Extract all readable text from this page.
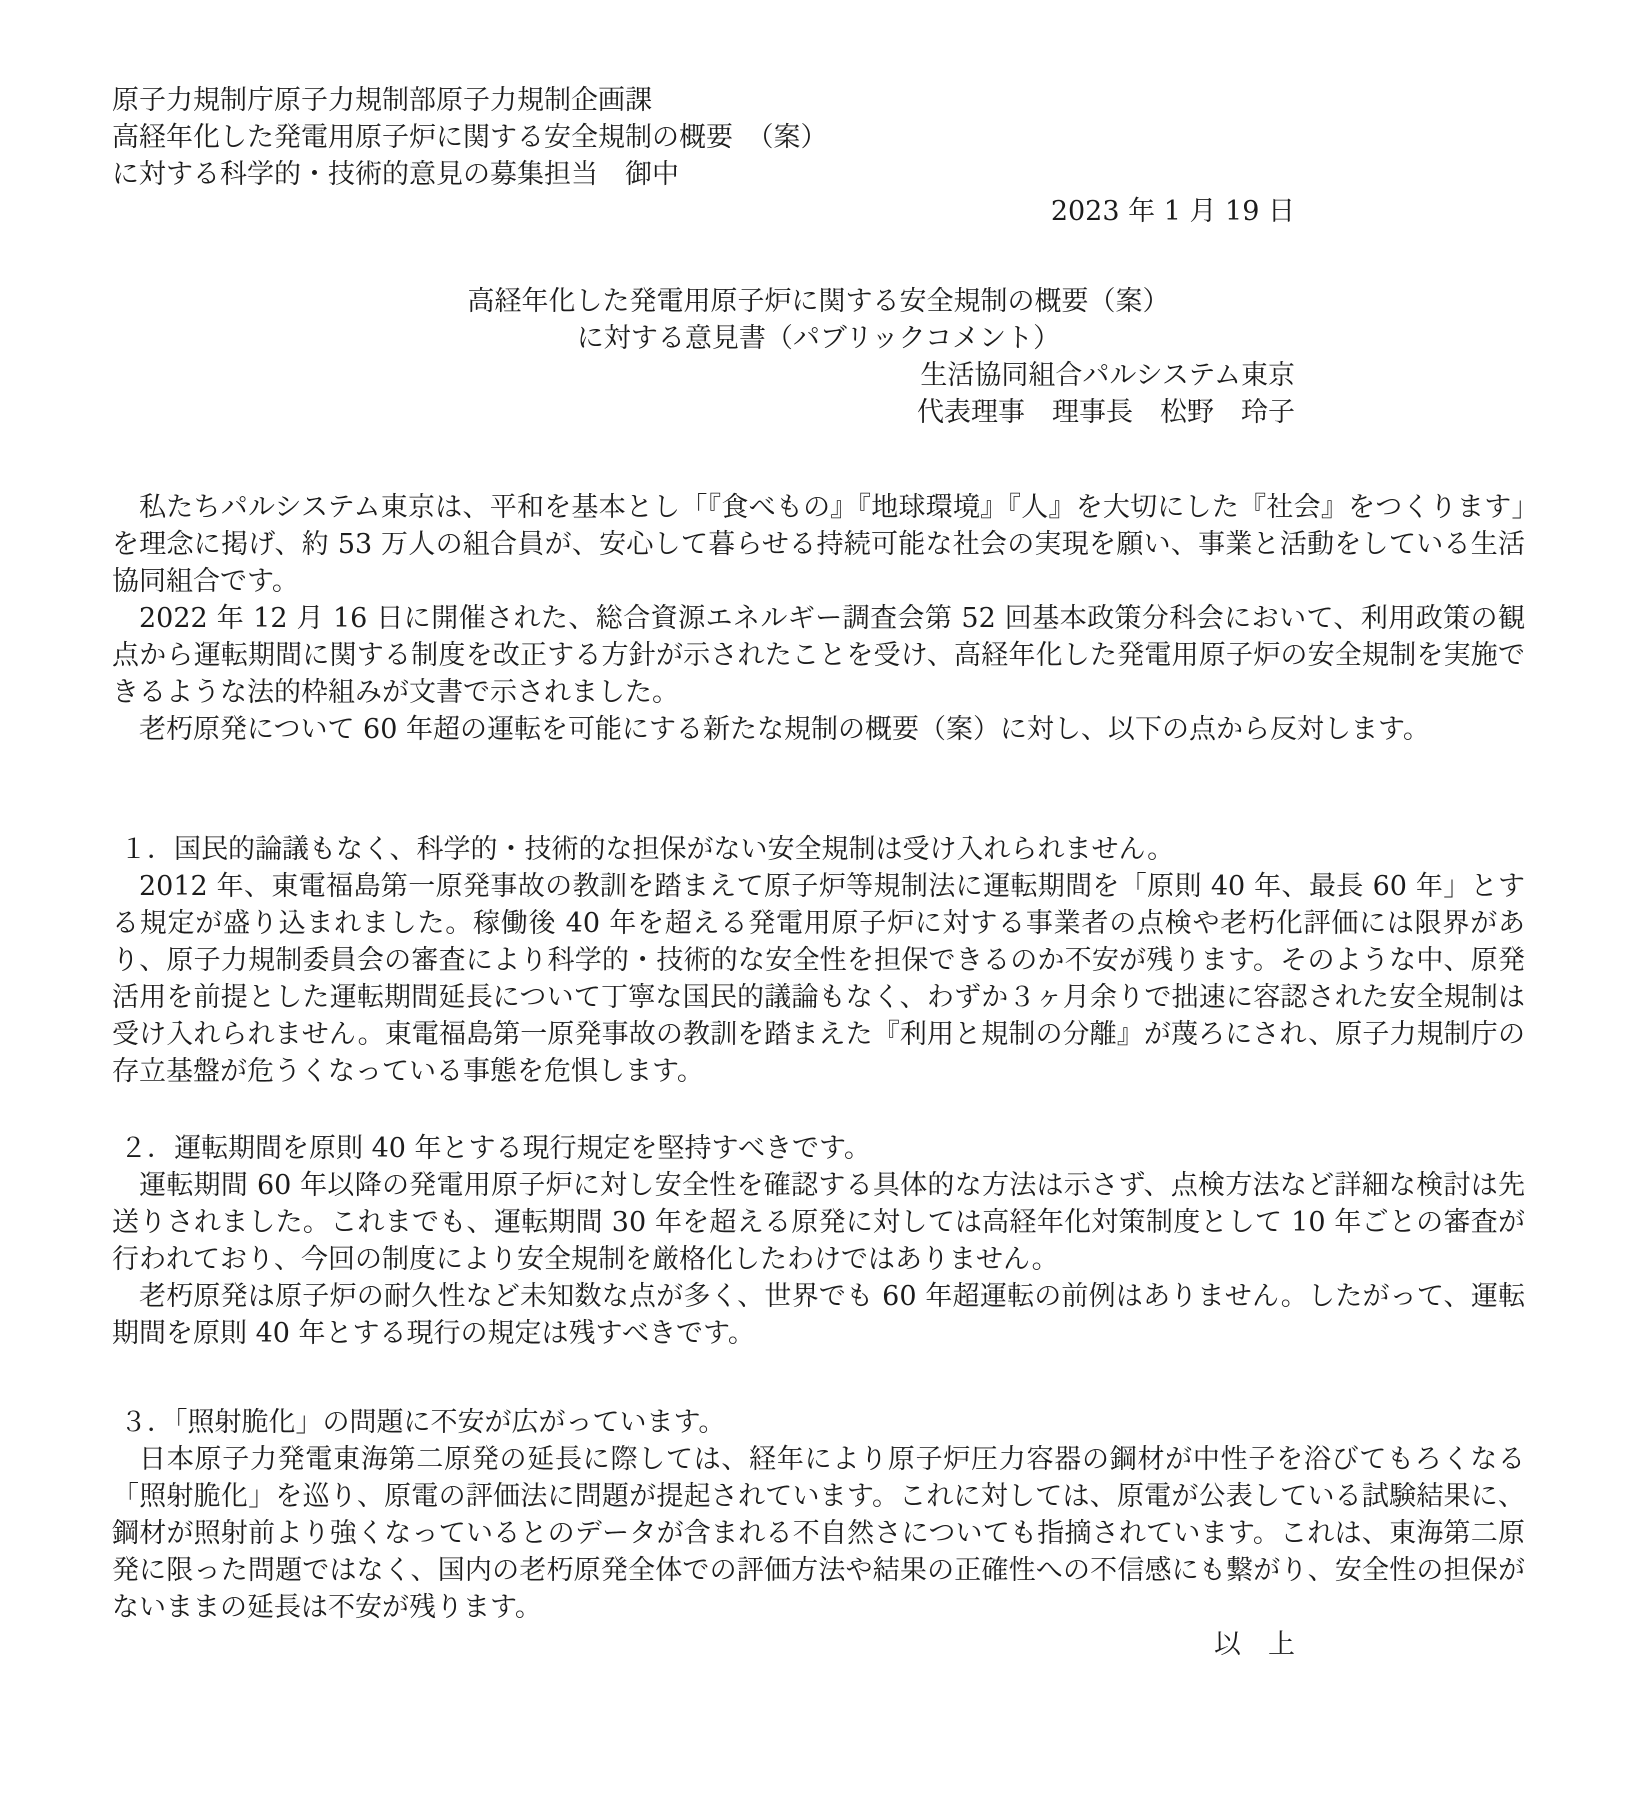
原子力規制庁原子力規制部原子力規制企画課

高経年化した発電用原子炉に関する安全規制の概要　（案）

に対する科学的・技術的意見の募集担当　御中

2023 年 1 月 19 日

高経年化した発電用原子炉に関する安全規制の概要（案）

に対する意見書（パブリックコメント）

生活協同組合パルシステム東京

代表理事　理事長　松野　玲子

私たちパルシステム東京は、平和を基本とし「『食べもの』『地球環境』『人』を大切にした『社会』をつくります」を理念に掲げ、約 53 万人の組合員が、安心して暮らせる持続可能な社会の実現を願い、事業と活動をしている生活協同組合です。

2022 年 12 月 16 日に開催された、総合資源エネルギー調査会第 52 回基本政策分科会において、利用政策の観点から運転期間に関する制度を改正する方針が示されたことを受け、高経年化した発電用原子炉の安全規制を実施できるような法的枠組みが文書で示されました。

老朽原発について 60 年超の運転を可能にする新たな規制の概要（案）に対し、以下の点から反対します。

１．国民的論議もなく、科学的・技術的な担保がない安全規制は受け入れられません。

2012 年、東電福島第一原発事故の教訓を踏まえて原子炉等規制法に運転期間を「原則 40 年、最長 60 年」とする規定が盛り込まれました。稼働後 40 年を超える発電用原子炉に対する事業者の点検や老朽化評価には限界があり、原子力規制委員会の審査により科学的・技術的な安全性を担保できるのか不安が残ります。そのような中、原発活用を前提とした運転期間延長について丁寧な国民的議論もなく、わずか３ヶ月余りで拙速に容認された安全規制は受け入れられません。東電福島第一原発事故の教訓を踏まえた『利用と規制の分離』が蔑ろにされ、原子力規制庁の存立基盤が危うくなっている事態を危惧します。

２．運転期間を原則 40 年とする現行規定を堅持すべきです。

運転期間 60 年以降の発電用原子炉に対し安全性を確認する具体的な方法は示さず、点検方法など詳細な検討は先送りされました。これまでも、運転期間 30 年を超える原発に対しては高経年化対策制度として 10 年ごとの審査が行われており、今回の制度により安全規制を厳格化したわけではありません。

老朽原発は原子炉の耐久性など未知数な点が多く、世界でも 60 年超運転の前例はありません。したがって、運転期間を原則 40 年とする現行の規定は残すべきです。

３．「照射脆化」の問題に不安が広がっています。

日本原子力発電東海第二原発の延長に際しては、経年により原子炉圧力容器の鋼材が中性子を浴びてもろくなる「照射脆化」を巡り、原電の評価法に問題が提起されています。これに対しては、原電が公表している試験結果に、鋼材が照射前より強くなっているとのデータが含まれる不自然さについても指摘されています。これは、東海第二原発に限った問題ではなく、国内の老朽原発全体での評価方法や結果の正確性への不信感にも繋がり、安全性の担保がないままの延長は不安が残ります。

以　上
